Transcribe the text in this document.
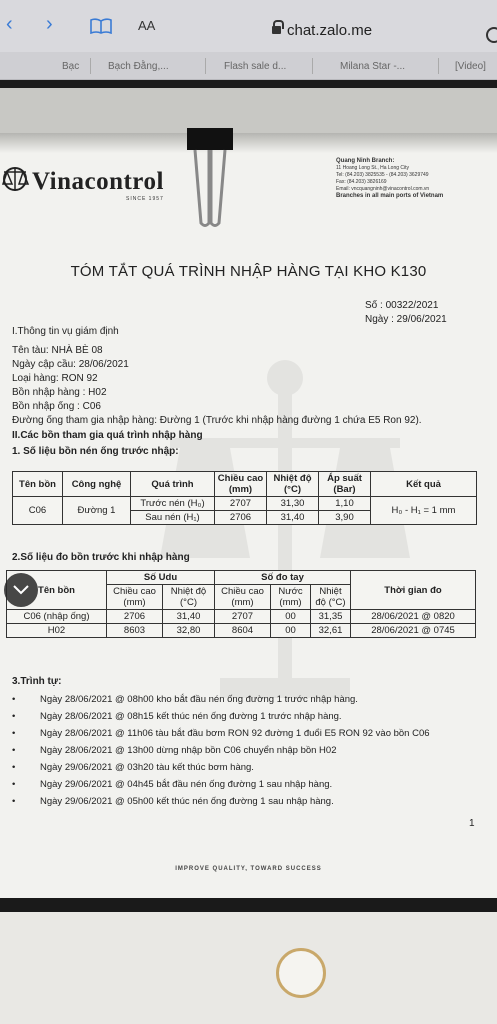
‹ ›	AA	chat.zalo.me
Bạc	Bạch Đằng,...	Flash sale d...	Milana Star -...	[Video]
Vinacontrol
SINCE 1957
Quang Ninh Branch:
11 Hoang Long St., Ha Long City
Tel: (84.203) 3825535 - (84.203) 3629749
Fax: (84.203) 3826169
Email: vncquangninh@vinacontrol.com.vn
Branches in all main ports of Vietnam
TÓM TẮT QUÁ TRÌNH NHẬP HÀNG TẠI KHO K130
Số : 00322/2021
Ngày : 29/06/2021
I.Thông tin vụ giám định
Tên tàu: NHÀ BÈ 08
Ngày cập cầu: 28/06/2021
Loại hàng: RON 92
Bồn nhập hàng : H02
Bồn nhập ống : C06
Đường ống tham gia nhập hàng: Đường 1 (Trước khi nhập hàng đường 1 chứa E5 Ron 92).
II.Các bồn tham gia quá trình nhập hàng
1. Số liệu bồn nén ống trước nhập:
Tên bồn	Công nghệ	Quá trình	Chiều cao (mm)	Nhiệt độ (°C)	Áp suất (Bar)	Kết quả
C06	Đường 1	Trước nén (H₀)	2707	31,30	1,10	H₀ - H₁ = 1 mm
		Sau nén (H₁)	2706	31,40	3,90	
2.Số liệu đo bồn trước khi nhập hàng
Tên bồn	Số Udu		Số đo tay			Thời gian đo
	Chiều cao (mm)	Nhiệt độ (°C)	Chiều cao (mm)	Nước (mm)	Nhiệt độ (°C)	
C06 (nhập ống)	2706	31,40	2707	00	31,35	28/06/2021 @ 0820
H02	8603	32,80	8604	00	32,61	28/06/2021 @ 0745
3.Trình tự:
•	Ngày 28/06/2021 @ 08h00 kho bắt đầu nén ống đường 1 trước nhập hàng.
•	Ngày 28/06/2021 @ 08h15 kết thúc nén ống đường 1 trước nhập hàng.
•	Ngày 28/06/2021 @ 11h06 tàu bắt đầu bơm RON 92 đường 1 đuổi E5 RON 92 vào bồn C06
•	Ngày 28/06/2021 @ 13h00 dừng nhập bồn C06 chuyển nhập bồn H02
•	Ngày 29/06/2021 @ 03h20 tàu kết thúc bơm hàng.
•	Ngày 29/06/2021 @ 04h45 bắt đầu nén ống đường 1 sau nhập hàng.
•	Ngày 29/06/2021 @ 05h00 kết thúc nén ống đường 1 sau nhập hàng.
1
IMPROVE QUALITY, TOWARD SUCCESS
